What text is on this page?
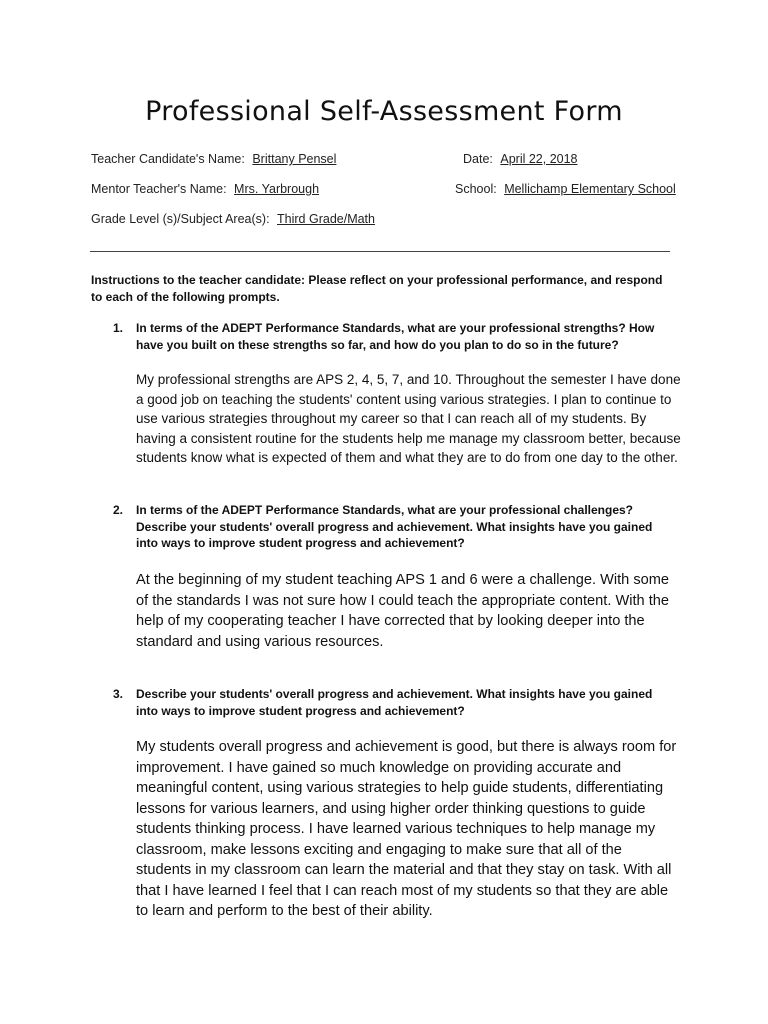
Professional Self-Assessment Form
Teacher Candidate's Name: Brittany Pensel	Date: April 22, 2018
Mentor Teacher's Name: Mrs. Yarbrough	School: Mellichamp Elementary School
Grade Level (s)/Subject Area(s): Third Grade/Math
Instructions to the teacher candidate: Please reflect on your professional performance, and respond to each of the following prompts.
1. In terms of the ADEPT Performance Standards, what are your professional strengths? How have you built on these strengths so far, and how do you plan to do so in the future?
My professional strengths are APS 2, 4, 5, 7, and 10. Throughout the semester I have done a good job on teaching the students' content using various strategies. I plan to continue to use various strategies throughout my career so that I can reach all of my students. By having a consistent routine for the students help me manage my classroom better, because students know what is expected of them and what they are to do from one day to the other.
2. In terms of the ADEPT Performance Standards, what are your professional challenges? Describe your students' overall progress and achievement. What insights have you gained into ways to improve student progress and achievement?
At the beginning of my student teaching APS 1 and 6 were a challenge. With some of the standards I was not sure how I could teach the appropriate content. With the help of my cooperating teacher I have corrected that by looking deeper into the standard and using various resources.
3. Describe your students' overall progress and achievement. What insights have you gained into ways to improve student progress and achievement?
My students overall progress and achievement is good, but there is always room for improvement. I have gained so much knowledge on providing accurate and meaningful content, using various strategies to help guide students, differentiating lessons for various learners, and using higher order thinking questions to guide students thinking process. I have learned various techniques to help manage my classroom, make lessons exciting and engaging to make sure that all of the students in my classroom can learn the material and that they stay on task. With all that I have learned I feel that I can reach most of my students so that they are able to learn and perform to the best of their ability.
